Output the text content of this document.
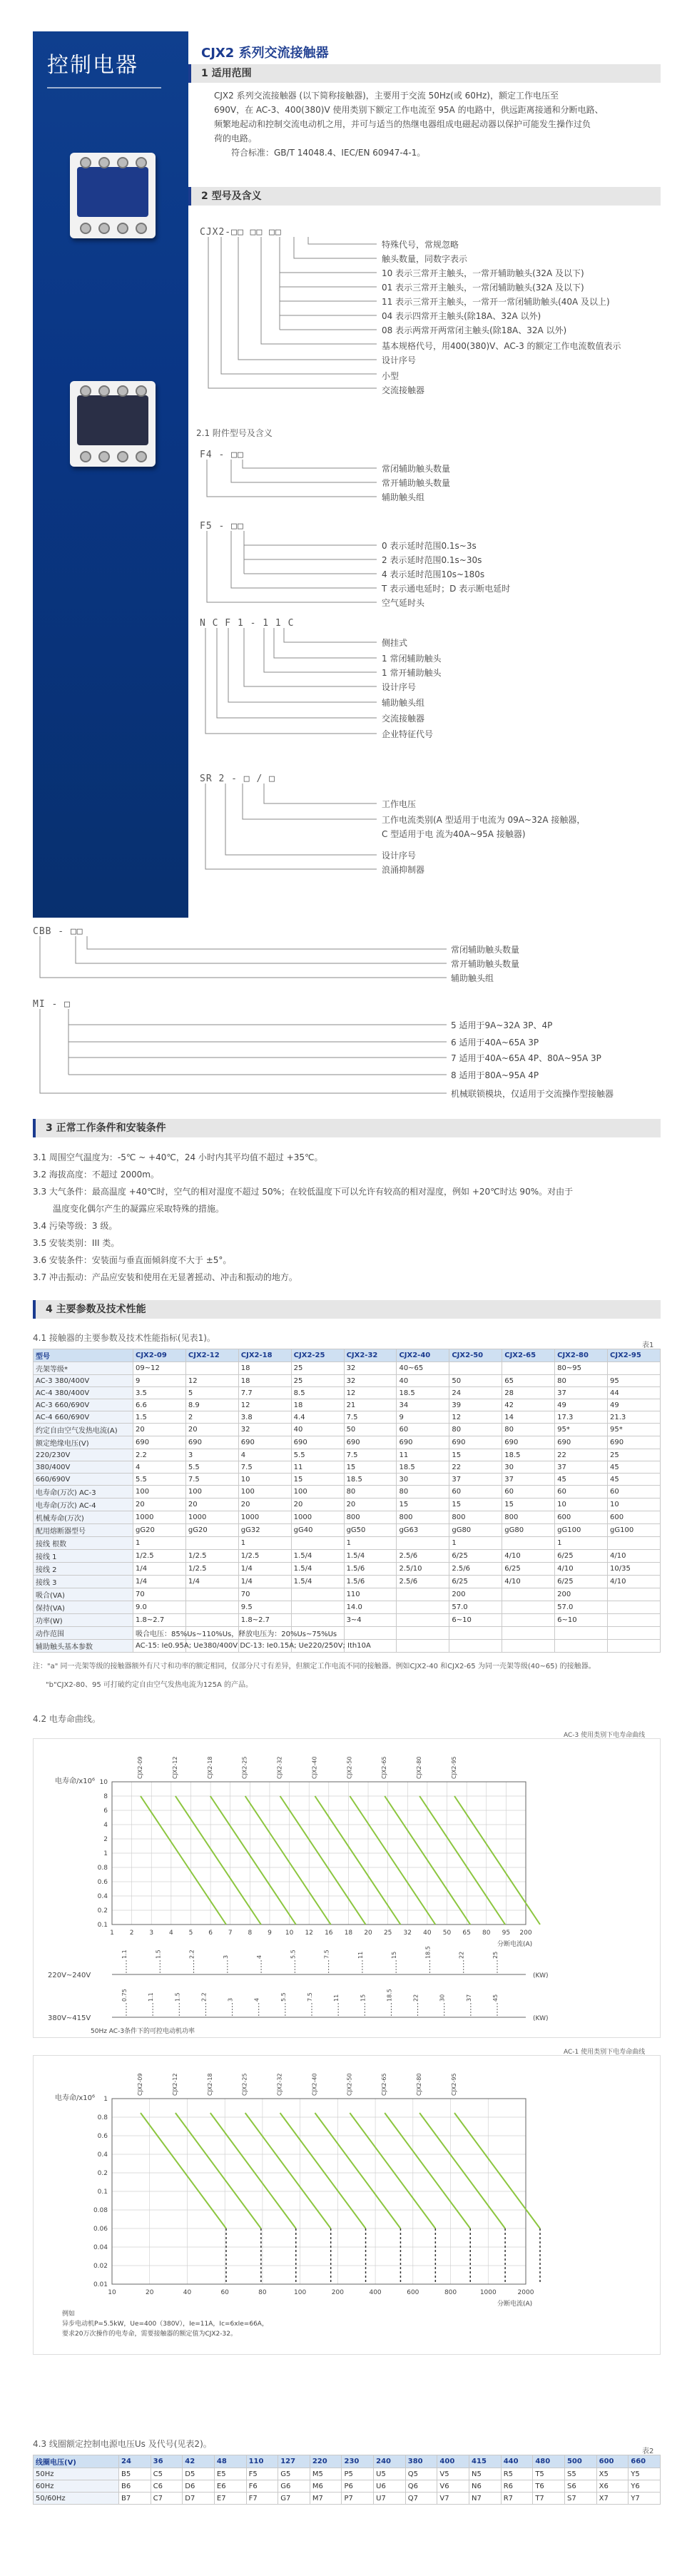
控制电器	CJX2 系列交流接触器
1 适用范围
CJX2 系列交流接触器 (以下简称接触器)，主要用于交流 50Hz(或 60Hz)，额定工作电压至
690V，在 AC-3、400(380)V 使用类别下额定工作电流至 95A 的电路中，供远距离接通和分断电路、
频繁地起动和控制交流电动机之用，并可与适当的热继电器组成电磁起动器以保护可能发生操作过负
荷的电路。
符合标准：GB/T 14048.4、IEC/EN 60947-4-1。
2 型号及含义
CJX2-□□ □□ □□
特殊代号，常规忽略
触头数量，同数字表示
10 表示三常开主触头，一常开辅助触头(32A 及以下)
01 表示三常开主触头，一常闭辅助触头(32A 及以下)
11 表示三常开主触头，一常开一常闭辅助触头(40A 及以上)
04 表示四常开主触头(除18A、32A 以外)
08 表示两常开两常闭主触头(除18A、32A 以外)
基本规格代号，用400(380)V、AC-3 的额定工作电流数值表示
设计序号
小型
交流接触器
2.1 附件型号及含义
F4 - □□
常闭辅助触头数量
常开辅助触头数量
辅助触头组
F5 - □□
0 表示延时范围0.1s~3s
2 表示延时范围0.1s~30s
4 表示延时范围10s~180s
T 表示通电延时；D 表示断电延时
空气延时头
N C F 1 - 1 1 C
侧挂式
1 常闭辅助触头
1 常开辅助触头
设计序号
辅助触头组
交流接触器
企业特征代号
SR 2 - □ / □
工作电压
工作电流类别(A 型适用于电流为 09A~32A 接触器，
C 型适用于电 流为40A~95A 接触器)
设计序号
浪涌抑制器
CBB - □□
常闭辅助触头数量
常开辅助触头数量
辅助触头组
MI - □
5 适用于9A~32A 3P、4P
6 适用于40A~65A 3P
7 适用于40A~65A 4P、80A~95A 3P
8 适用于80A~95A 4P
机械联锁模块，仅适用于交流操作型接触器
3 正常工作条件和安装条件
3.1 周围空气温度为：-5℃ ~ +40℃，24 小时内其平均值不超过 +35℃。
3.2 海拔高度：不超过 2000m。
3.3 大气条件：最高温度 +40℃时，空气的相对湿度不超过 50%；在较低温度下可以允许有较高的相对湿度，例如 +20℃时达 90%。对由于
温度变化偶尔产生的凝露应采取特殊的措施。
3.4 污染等级：3 级。
3.5 安装类别：III 类。
3.6 安装条件：安装面与垂直面倾斜度不大于 ±5°。
3.7 冲击振动：产品应安装和使用在无显著摇动、冲击和振动的地方。
4 主要参数及技术性能
4.1 接触器的主要参数及技术性能指标(见表1)。
表1
型号	CJX2-09	CJX2-12	CJX2-18	CJX2-25	CJX2-32	CJX2-40	CJX2-50	CJX2-65	CJX2-80	CJX2-95
壳架等级*	09~12		18	25	32	40~65			80~95	
AC-3 380/400V	9	12	18	25	32	40	50	65	80	95
AC-4 380/400V	3.5	5	7.7	8.5	12	18.5	24	28	37	44
AC-3 660/690V	6.6	8.9	12	18	21	34	39	42	49	49
AC-4 660/690V	1.5	2	3.8	4.4	7.5	9	12	14	17.3	21.3
约定自由空气发热电流(A)	20	20	32	40	50	60	80	80	95*	95*
额定绝缘电压(V)	690	690	690	690	690	690	690	690	690	690
220/230V	2.2	3	4	5.5	7.5	11	15	18.5	22	25
380/400V	4	5.5	7.5	11	15	18.5	22	30	37	45
660/690V	5.5	7.5	10	15	18.5	30	37	37	45	45
电寿命(万次) AC-3	100	100	100	100	80	80	60	60	60	60
电寿命(万次) AC-4	20	20	20	20	20	15	15	15	10	10
机械寿命(万次)	1000	1000	1000	1000	800	800	800	800	600	600
配用熔断器型号	gG20	gG20	gG32	gG40	gG50	gG63	gG80	gG80	gG100	gG100
接线 根数	1		1		1		1		1	
接线 1	1/2.5	1/2.5	1/2.5	1.5/4	1.5/4	2.5/6	6/25	4/10	6/25	4/10
接线 2	1/4	1/2.5	1/4	1.5/4	1.5/6	2.5/10	2.5/6	6/25	4/10	10/35
接线 3	1/4	1/4	1/4	1.5/4	1.5/6	2.5/6	6/25	4/10	6/25	4/10
吸合(VA)	70		70		110		200		200	
保持(VA)	9.0		9.5		14.0		57.0		57.0	
功率(W)	1.8~2.7		1.8~2.7		3~4		6~10		6~10	
动作范围	吸合电压：85%Us~110%Us，释放电压为：20%Us~75%Us									
辅助触头基本参数	AC-15: Ie0.95A; Ue380/400V DC-13: Ie0.15A; Ue220/250V; Ith10A									
注："a" 同一壳架等级的接触器额外有尺寸和功率的额定相同，仅部分尺寸有差异，但额定工作电流不同的接触器。例如CJX2-40 和CJX2-65 为同一壳架等级(40~65) 的接触器。
"b"CJX2-80、95 可打破约定自由空气发热电流为125A 的产品。
4.2 电寿命曲线。
AC-3 使用类别下电寿命曲线
电寿命/x10⁶ 10
8
6
4
2
1
0.8
0.6
0.4
0.2
0.1
1 2 3 4 5 6 7 8 9 10 12 16 18 20 25 32 40 50 65 80 95 200
分断电流(A)
CJX2-09	CJX2-12	CJX2-18	CJX2-25	CJX2-32	CJX2-40	CJX2-50	CJX2-65	CJX2-80	CJX2-95
220V~240V	(KW)
1.1	1.5	2.2	3	4	5.5	7.5	11	15	18.5	22	25
380V~415V	(KW)
0.75	1.1	1.5	2.2	3	4	5.5	7.5	11	15	18.5	22	30	37	45
50Hz AC-3条件下的可控电动机功率
AC-1 使用类别下电寿命曲线
电寿命/x10⁶ 1
0.8
0.6
0.4
0.2
0.1
0.08
0.06
0.04
0.02
0.01
10	20	40	60	80	100	200	400	600	800	1000	2000
分断电流(A)
CJX2-09	CJX2-12	CJX2-18	CJX2-25	CJX2-32	CJX2-40	CJX2-50	CJX2-65	CJX2-80	CJX2-95
例如
异步电动机P=5.5kW，Ue=400（380V），Ie=11A，Ic=6xIe=66A，
要求20万次操作的电寿命，需要接触器的额定值为CJX2-32。
4.3 线圈额定控制电源电压Us 及代号(见表2)。
表2
线圈电压(V)	24	36	42	48	110	127	220	230	240	380	400	415	440	480	500	600	660
50Hz	B5	C5	D5	E5	F5	G5	M5	P5	U5	Q5	V5	N5	R5	T5	S5	X5	Y5
60Hz	B6	C6	D6	E6	F6	G6	M6	P6	U6	Q6	V6	N6	R6	T6	S6	X6	Y6
50/60Hz	B7	C7	D7	E7	F7	G7	M7	P7	U7	Q7	V7	N7	R7	T7	S7	X7	Y7
